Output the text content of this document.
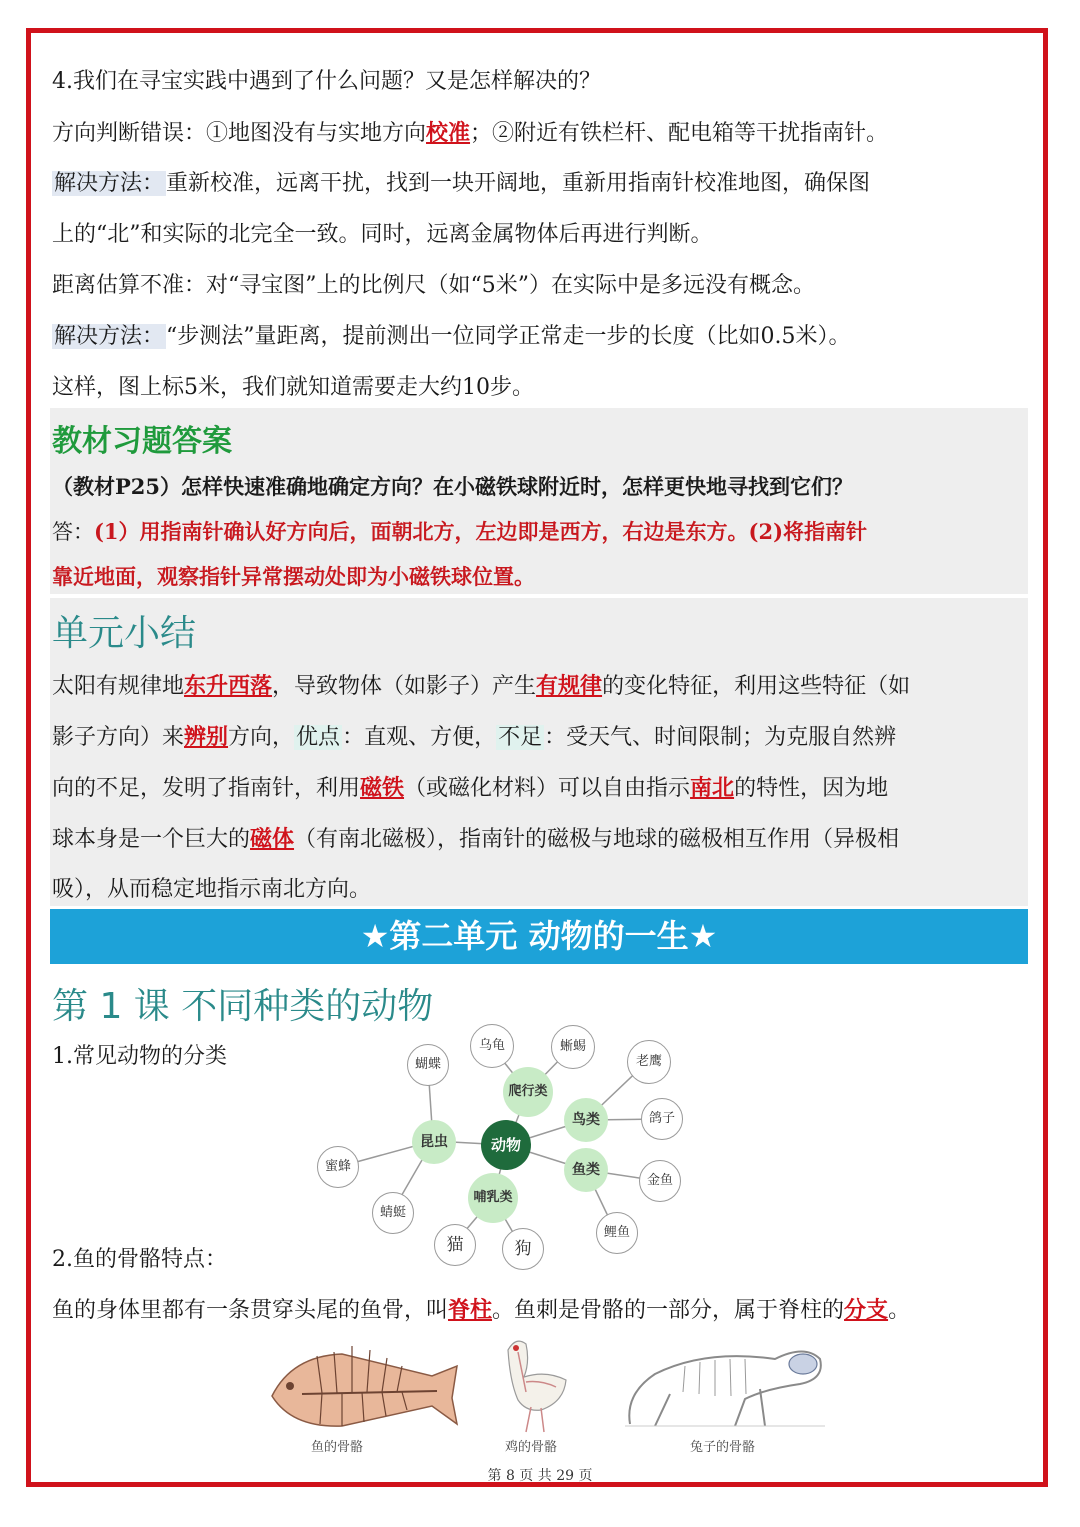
4.我们在寻宝实践中遇到了什么问题？又是怎样解决的？
方向判断错误：①地图没有与实地方向校准；②附近有铁栏杆、配电箱等干扰指南针。
解决方法：重新校准，远离干扰，找到一块开阔地，重新用指南针校准地图，确保图
上的“北”和实际的北完全一致。同时，远离金属物体后再进行判断。
距离估算不准：对“寻宝图”上的比例尺（如“5米”）在实际中是多远没有概念。
解决方法：“步测法”量距离，提前测出一位同学正常走一步的长度（比如0.5米）。
这样，图上标5米，我们就知道需要走大约10步。
教材习题答案
（教材P25）怎样快速准确地确定方向？在小磁铁球附近时，怎样更快地寻找到它们？
答：(1）用指南针确认好方向后，面朝北方，左边即是西方，右边是东方。(2)将指南针
靠近地面，观察指针异常摆动处即为小磁铁球位置。
单元小结
太阳有规律地东升西落，导致物体（如影子）产生有规律的变化特征，利用这些特征（如
影子方向）来辨别方向，优点：直观、方便，不足：受天气、时间限制；为克服自然辨
向的不足，发明了指南针，利用磁铁（或磁化材料）可以自由指示南北的特性，因为地
球本身是一个巨大的磁体（有南北磁极），指南针的磁极与地球的磁极相互作用（异极相
吸），从而稳定地指示南北方向。
★第二单元 动物的一生★
第 1 课 不同种类的动物
1.常见动物的分类
动物
昆虫
爬行类
鸟类
鱼类
哺乳类
蝴蝶
蜜蜂
蜻蜓
乌龟	蜥蜴
老鹰
鸽子
金鱼
鲤鱼
猫	狗
2.鱼的骨骼特点：
鱼的身体里都有一条贯穿头尾的鱼骨，叫脊柱。鱼刺是骨骼的一部分，属于脊柱的分支。
鱼的骨骼	鸡的骨骼	兔子的骨骼
第 8 页 共 29 页
